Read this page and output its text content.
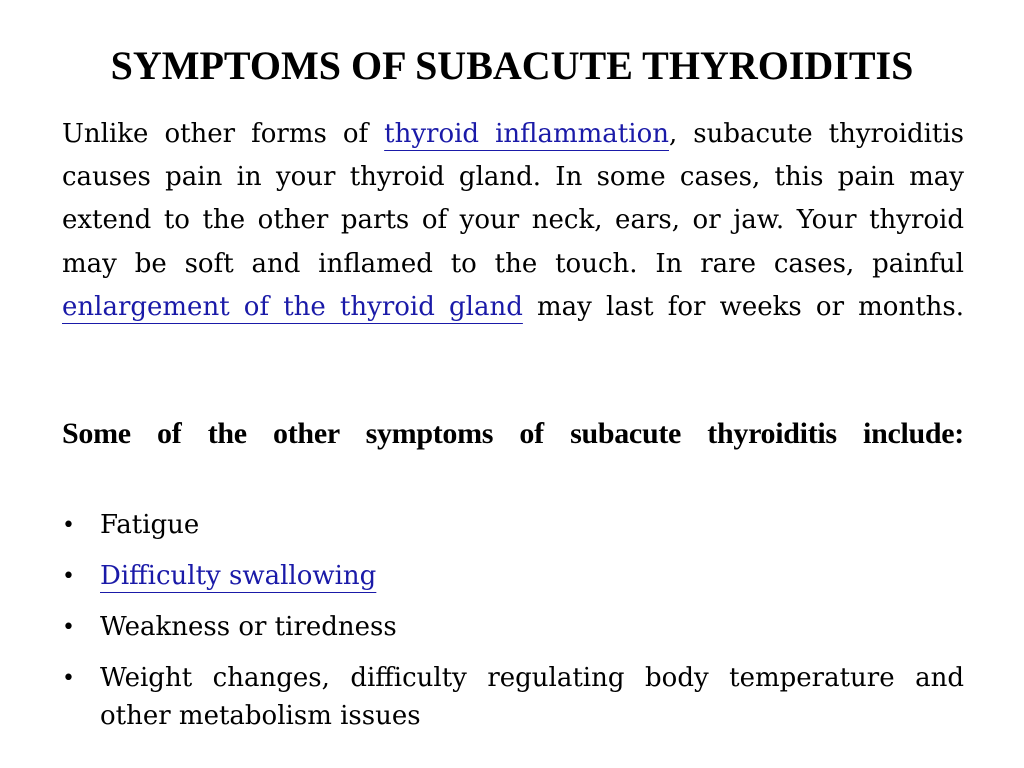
SYMPTOMS OF SUBACUTE THYROIDITIS

Unlike other forms of thyroid inflammation, subacute thyroiditis causes pain in your thyroid gland. In some cases, this pain may extend to the other parts of your neck, ears, or jaw. Your thyroid may be soft and inflamed to the touch. In rare cases, painful enlargement of the thyroid gland may last for weeks or months.

Some of the other symptoms of subacute thyroiditis include:

• Fatigue
• Difficulty swallowing
• Weakness or tiredness
• Weight changes, difficulty regulating body temperature and other metabolism issues
